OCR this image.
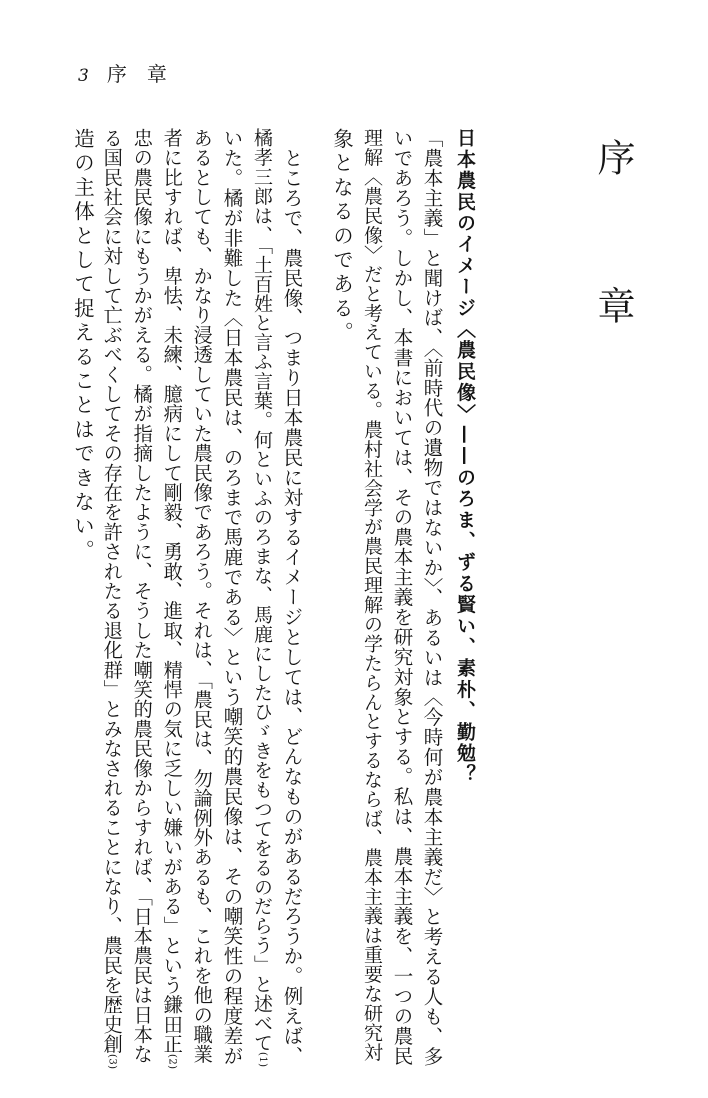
3 序　章
序　章
日本農民のイメージ〈農民像〉——のろま、ずる賢い、素朴、勤勉？
「農本主義」と聞けば、〈前時代の遺物ではないか〉、あるいは〈今時何が農本主義だ〉と考える人も、多
いであろう。しかし、本書においては、その農本主義を研究対象とする。私は、農本主義を、一つの農民
理解〈農民像〉だと考えている。農村社会学が農民理解の学たらんとするならば、農本主義は重要な研究対
象となるのである。
　ところで、農民像、つまり日本農民に対するイメージとしては、どんなものがあるだろうか。例えば、
橘孝三郎は、「土百姓と言ふ言葉。何といふのろまな、馬鹿にしたひゞきをもつてをるのだらう」と述べて(1)
いた。橘が非難した〈日本農民は、のろまで馬鹿である〉という嘲笑的農民像は、その嘲笑性の程度差が
あるとしても、かなり浸透していた農民像であろう。それは、「農民は、勿論例外あるも、これを他の職業
者に比すれば、卑怯、未練、臆病にして剛毅、勇敢、進取、精悍の気に乏しい嫌いがある」という鎌田正(2)
忠の農民像にもうかがえる。橘が指摘したように、そうした嘲笑的農民像からすれば、「日本農民は日本な
る国民社会に対して亡ぶべくしてその存在を許されたる退化群」とみなされることになり、農民を歴史創(3)
造の主体として捉えることはできない。
